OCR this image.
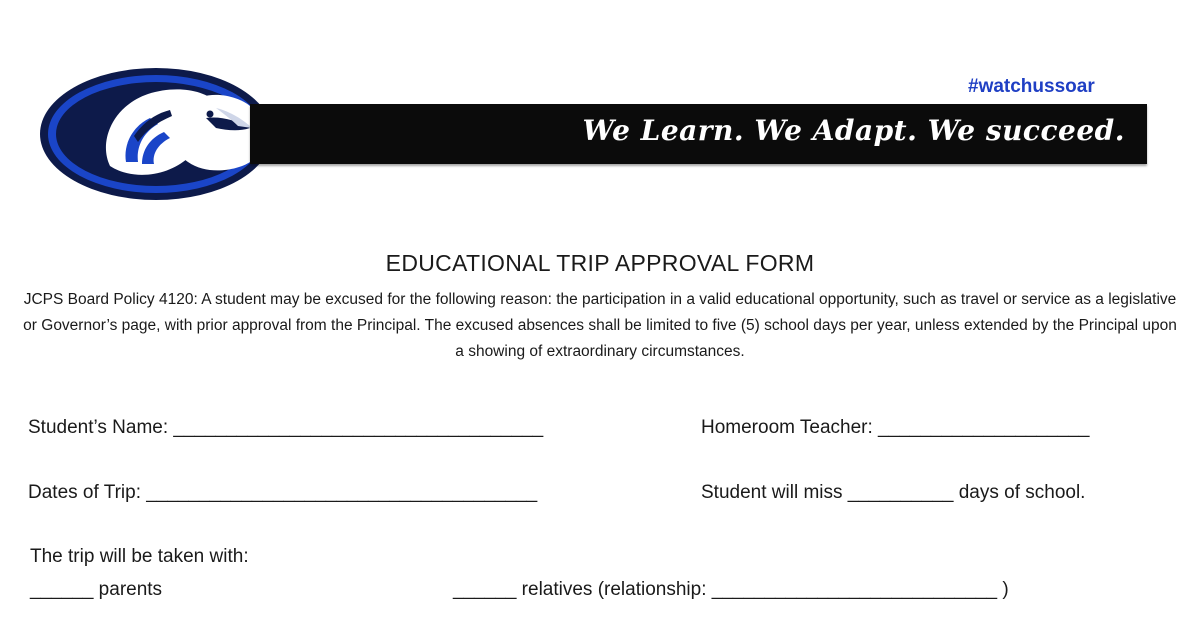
We Learn. We Adapt. We succeed.
#watchussoar
EDUCATIONAL TRIP APPROVAL FORM
JCPS Board Policy 4120: A student may be excused for the following reason: the participation in a valid educational opportunity, such as travel or service as a legislative or Governor’s page, with prior approval from the Principal. The excused absences shall be limited to five (5) school days per year, unless extended by the Principal upon a showing of extraordinary circumstances.
Student’s Name: ___________________________________	Homeroom Teacher: ____________________
Dates of Trip: _____________________________________	Student will miss __________ days of school.
The trip will be taken with:
______ parents	______ relatives (relationship: ___________________________ )
